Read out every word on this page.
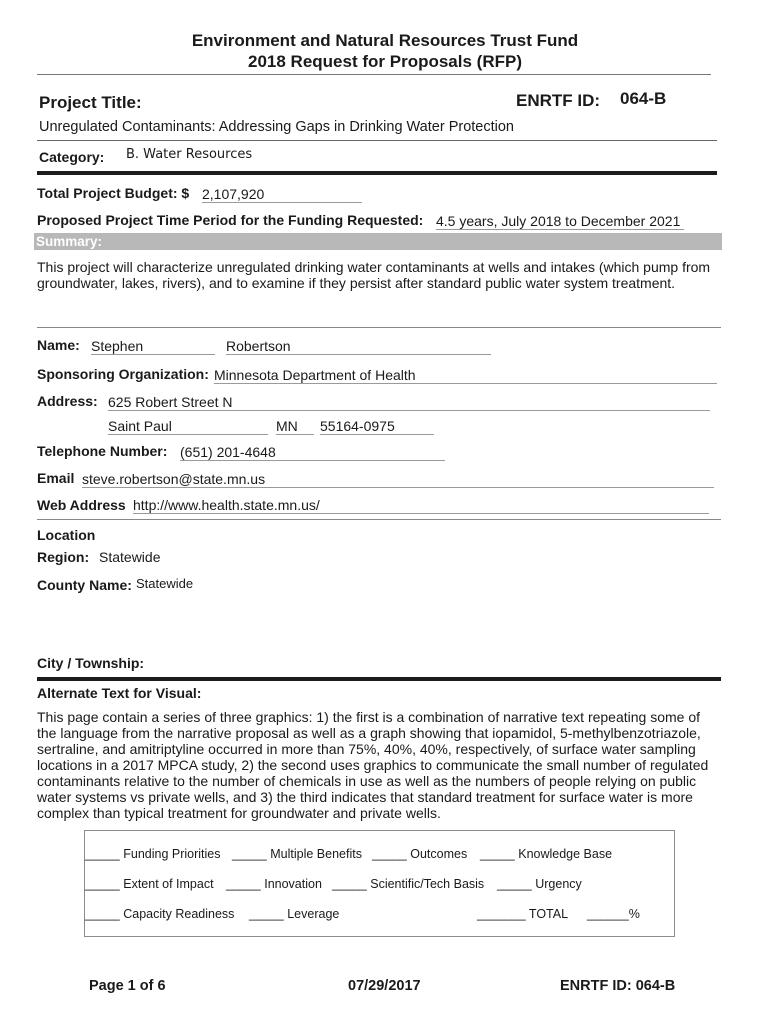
Environment and Natural Resources Trust Fund
2018 Request for Proposals (RFP)
Project Title:	ENRTF ID: 064-B
Unregulated Contaminants: Addressing Gaps in Drinking Water Protection
Category: B. Water Resources
Total Project Budget: $ 2,107,920
Proposed Project Time Period for the Funding Requested: 4.5 years, July 2018 to December 2021
Summary:
This project will characterize unregulated drinking water contaminants at wells and intakes (which pump from groundwater, lakes, rivers), and to examine if they persist after standard public water system treatment.
Name: Stephen	Robertson
Sponsoring Organization: Minnesota Department of Health
Address: 625 Robert Street N
Saint Paul	MN	55164-0975
Telephone Number: (651) 201-4648
Email steve.robertson@state.mn.us
Web Address http://www.health.state.mn.us/
Location
Region: Statewide
County Name: Statewide
City / Township:
Alternate Text for Visual:
This page contain a series of three graphics: 1) the first is a combination of narrative text repeating some of the language from the narrative proposal as well as a graph showing that iopamidol, 5-methylbenzotriazole, sertraline, and amitriptyline occurred in more than 75%, 40%, 40%, respectively, of surface water sampling locations in a 2017 MPCA study, 2) the second uses graphics to communicate the small number of regulated contaminants relative to the number of chemicals in use as well as the numbers of people relying on public water systems vs private wells, and 3) the third indicates that standard treatment for surface water is more complex than typical treatment for groundwater and private wells.
_____ Funding Priorities _____ Multiple Benefits _____ Outcomes _____ Knowledge Base
_____ Extent of Impact _____ Innovation _____ Scientific/Tech Basis _____ Urgency
_____ Capacity Readiness _____ Leverage	_______ TOTAL ______%
Page 1 of 6	07/29/2017	ENRTF ID: 064-B
